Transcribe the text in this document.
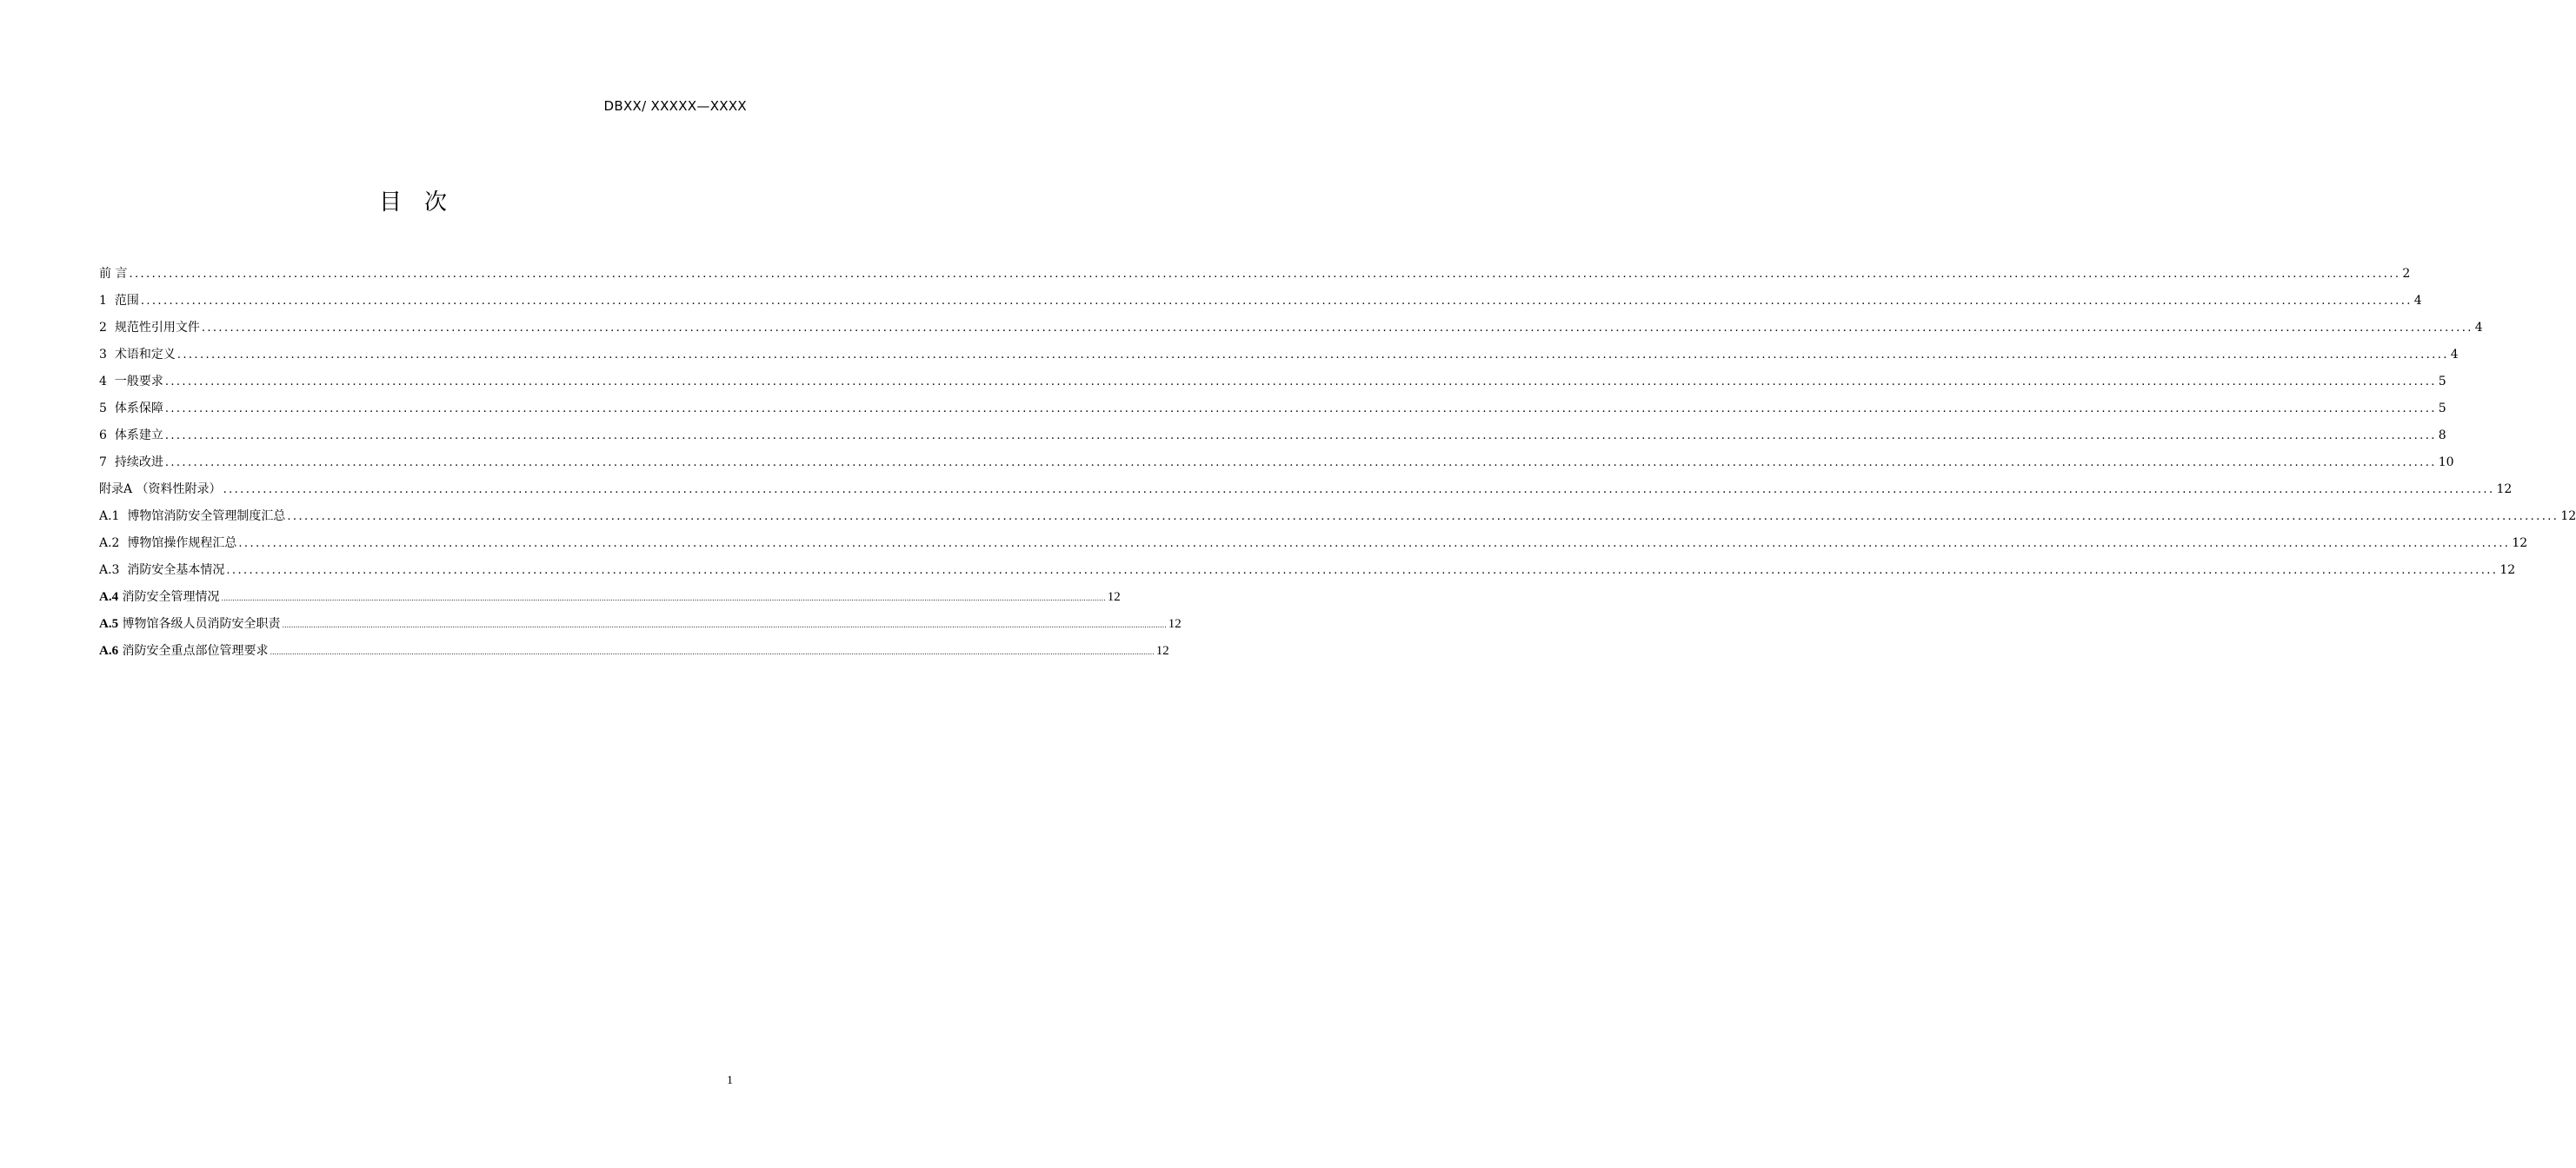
DBXX/ XXXXX—XXXX
目　次
前 言 ................................................................................................................................................................................................................................................................................................................................................................................................................ 2
1 范围 ................................................................................................................................................................................................................................................................................................................................................................................................................ 4
2 规范性引用文件 ................................................................................................................................................................................................................................................................................................................................................................................................................ 4
3 术语和定义 ................................................................................................................................................................................................................................................................................................................................................................................................................ 4
4 一般要求 ................................................................................................................................................................................................................................................................................................................................................................................................................ 5
5 体系保障 ................................................................................................................................................................................................................................................................................................................................................................................................................ 5
6 体系建立 ................................................................................................................................................................................................................................................................................................................................................................................................................ 8
7 持续改进 ................................................................................................................................................................................................................................................................................................................................................................................................................ 10
附录A （资料性附录） ................................................................................................................................................................................................................................................................................................................................................................................................................ 12
A.1 博物馆消防安全管理制度汇总 ................................................................................................................................................................................................................................................................................................................................................................................................................ 12
A.2 博物馆操作规程汇总 ................................................................................................................................................................................................................................................................................................................................................................................................................ 12
A.3 消防安全基本情况 ................................................................................................................................................................................................................................................................................................................................................................................................................ 12
A.4 消防安全管理情况 ................................................................................................................................................................................................................................................................................................................................................................................................................ 12
A.5 博物馆各级人员消防安全职责 ................................................................................................................................................................................................................................................................................................................................................................................................................ 12
A.6 消防安全重点部位管理要求 ................................................................................................................................................................................................................................................................................................................................................................................................................ 12
1
